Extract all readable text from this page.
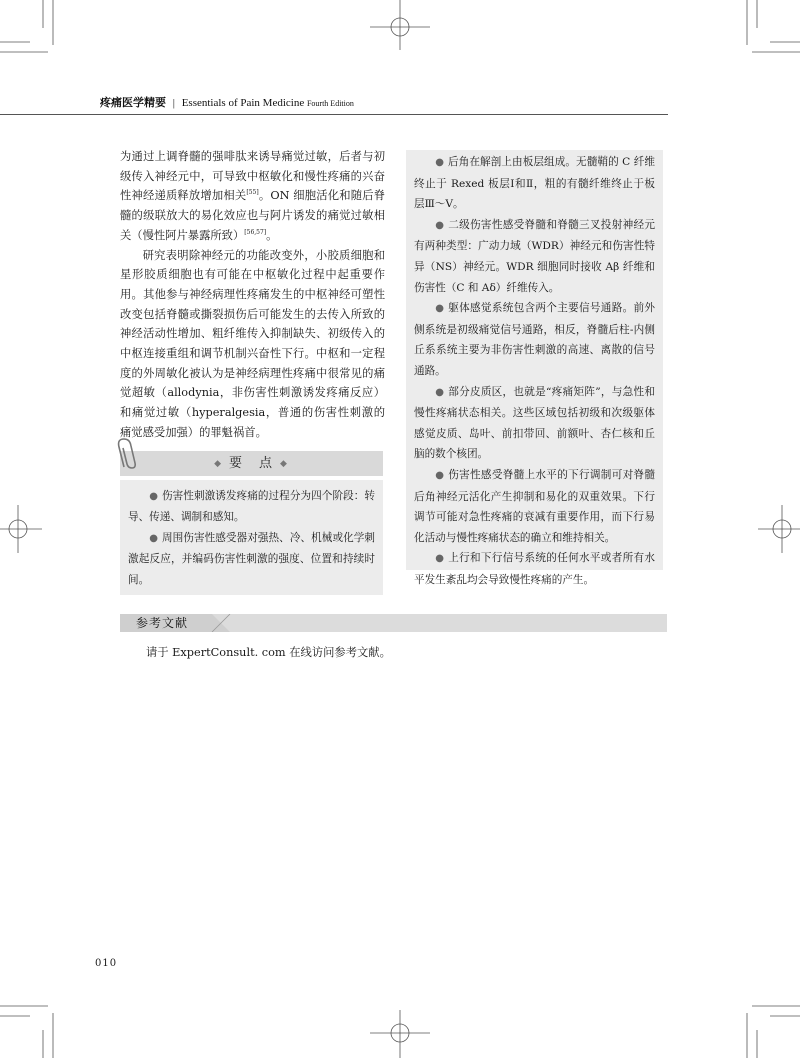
疼痛医学精要 | Essentials of Pain Medicine Fourth Edition

为通过上调脊髓的强啡肽来诱导痛觉过敏，后者与初级传入神经元中，可导致中枢敏化和慢性疼痛的兴奋性神经递质释放增加相关[55]。ON 细胞活化和随后脊髓的级联放大的易化效应也与阿片诱发的痛觉过敏相关（慢性阿片暴露所致）[56,57]。

研究表明除神经元的功能改变外，小胶质细胞和星形胶质细胞也有可能在中枢敏化过程中起重要作用。其他参与神经病理性疼痛发生的中枢神经可塑性改变包括脊髓或撕裂损伤后可能发生的去传入所致的神经活动性增加、粗纤维传入抑制缺失、初级传入的中枢连接重组和调节机制兴奋性下行。中枢和一定程度的外周敏化被认为是神经病理性疼痛中很常见的痛觉超敏（allodynia，非伤害性刺激诱发疼痛反应）和痛觉过敏（hyperalgesia，普通的伤害性刺激的痛觉感受加强）的罪魁祸首。

◆ 要　点 ◆

● 伤害性刺激诱发疼痛的过程分为四个阶段：转导、传递、调制和感知。

● 周围伤害性感受器对强热、冷、机械或化学刺激起反应，并编码伤害性刺激的强度、位置和持续时间。

● 后角在解剖上由板层组成。无髓鞘的 C 纤维终止于 Rexed 板层Ⅰ和Ⅱ，粗的有髓纤维终止于板层Ⅲ～Ⅴ。

● 二级伤害性感受脊髓和脊髓三叉投射神经元有两种类型：广动力域（WDR）神经元和伤害性特异（NS）神经元。WDR 细胞同时接收 Aβ 纤维和伤害性（C 和 Aδ）纤维传入。

● 躯体感觉系统包含两个主要信号通路。前外侧系统是初级痛觉信号通路，相反，脊髓后柱-内侧丘系系统主要为非伤害性刺激的高速、离散的信号通路。

● 部分皮质区，也就是“疼痛矩阵”，与急性和慢性疼痛状态相关。这些区域包括初级和次级躯体感觉皮质、岛叶、前扣带回、前额叶、杏仁核和丘脑的数个核团。

● 伤害性感受脊髓上水平的下行调制可对脊髓后角神经元活化产生抑制和易化的双重效果。下行调节可能对急性疼痛的衰减有重要作用，而下行易化活动与慢性疼痛状态的确立和维持相关。

● 上行和下行信号系统的任何水平或者所有水平发生紊乱均会导致慢性疼痛的产生。

参考文献
请于 ExpertConsult. com 在线访问参考文献。
010
